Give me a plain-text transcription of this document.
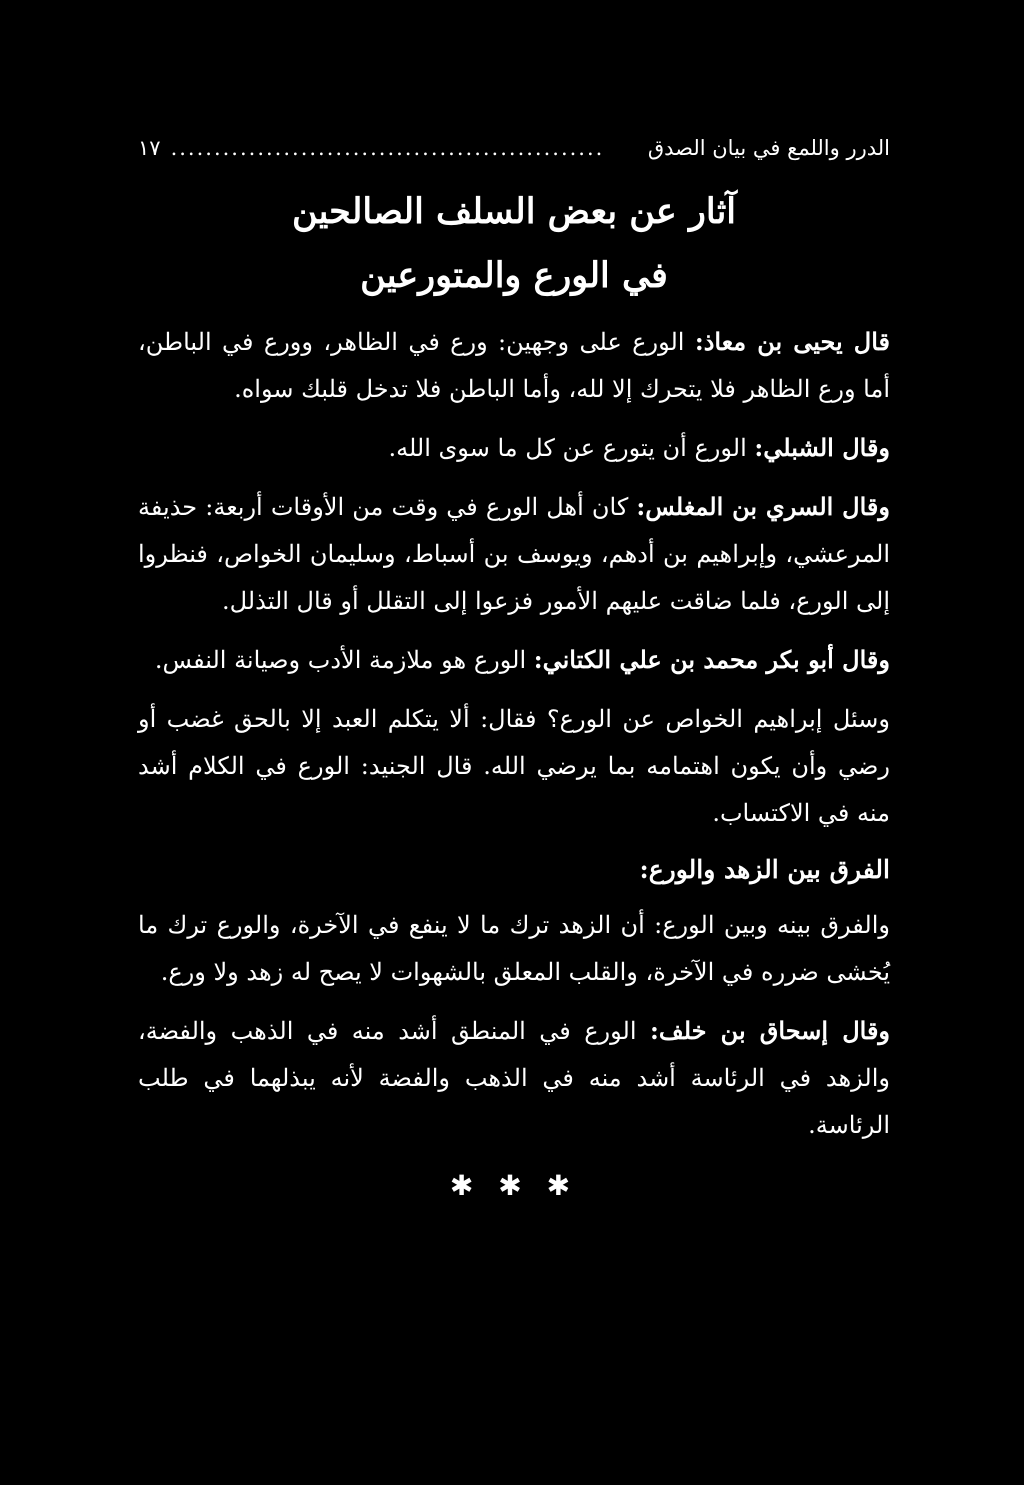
الدرر واللمع في بيان الصدق
..................................................
١٧
آثار عن بعض السلف الصالحين
في الورع والمتورعين

قال يحيى بن معاذ: الورع على وجهين: ورع في الظاهر، وورع في الباطن، أما ورع الظاهر فلا يتحرك إلا لله، وأما الباطن فلا تدخل قلبك سواه.

وقال الشبلي: الورع أن يتورع عن كل ما سوى الله.

وقال السري بن المغلس: كان أهل الورع في وقت من الأوقات أربعة: حذيفة المرعشي، وإبراهيم بن أدهم، ويوسف بن أسباط، وسليمان الخواص، فنظروا إلى الورع، فلما ضاقت عليهم الأمور فزعوا إلى التقلل أو قال التذلل.

وقال أبو بكر محمد بن علي الكتاني: الورع هو ملازمة الأدب وصيانة النفس.

وسئل إبراهيم الخواص عن الورع؟ فقال: ألا يتكلم العبد إلا بالحق غضب أو رضي وأن يكون اهتمامه بما يرضي الله. قال الجنيد: الورع في الكلام أشد منه في الاكتساب.

الفرق بين الزهد والورع:

والفرق بينه وبين الورع: أن الزهد ترك ما لا ينفع في الآخرة، والورع ترك ما يُخشى ضرره في الآخرة، والقلب المعلق بالشهوات لا يصح له زهد ولا ورع.

وقال إسحاق بن خلف: الورع في المنطق أشد منه في الذهب والفضة، والزهد في الرئاسة أشد منه في الذهب والفضة لأنه يبذلهما في طلب الرئاسة.

✱ ✱ ✱
